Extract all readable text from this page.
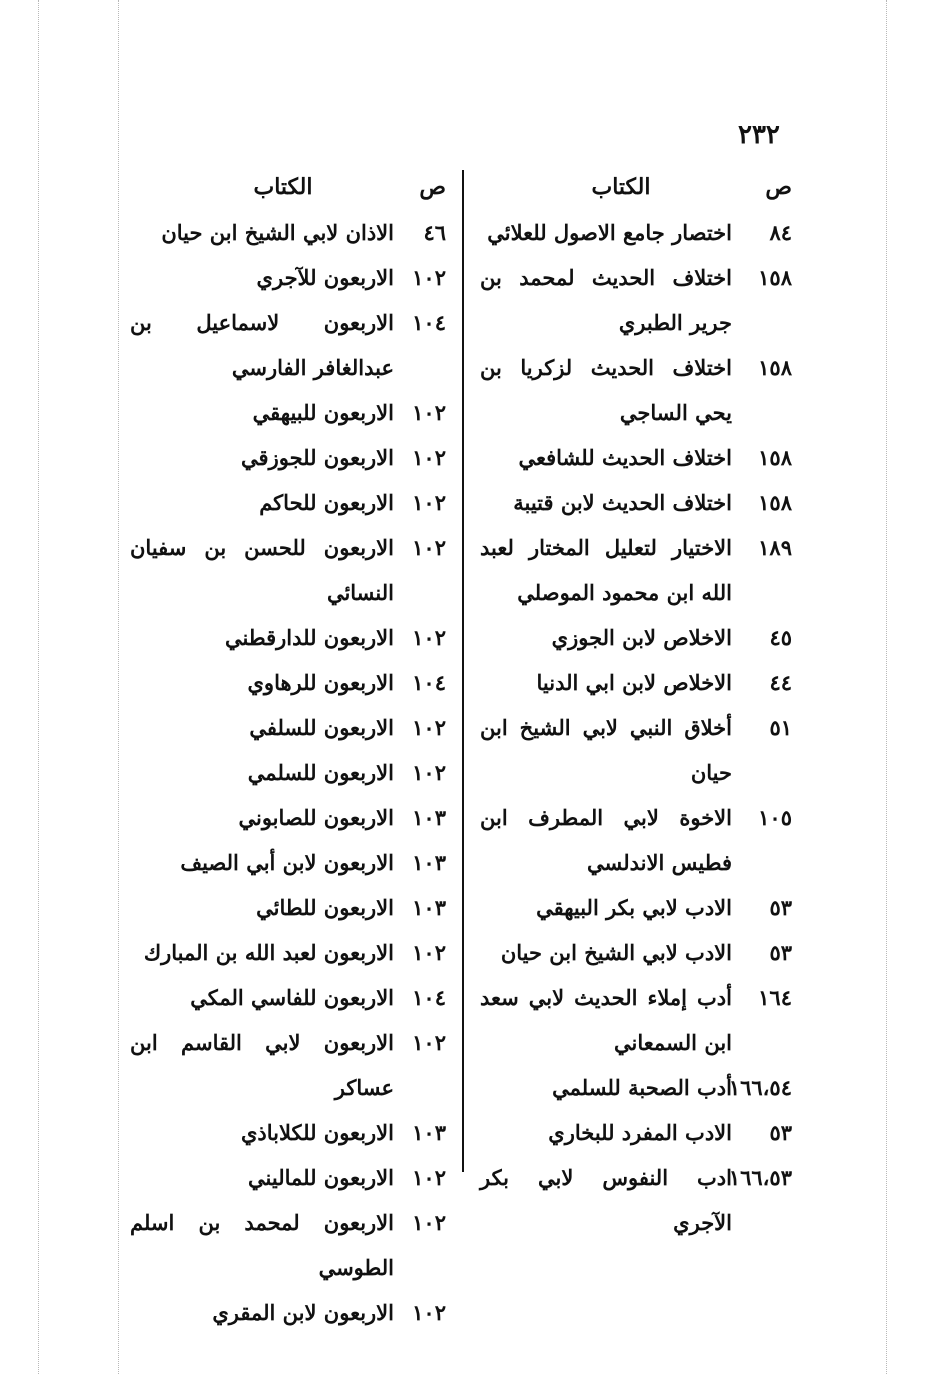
٢٣٢
ص
الكتاب
٨٤
اختصار جامع الاصول للعلائي
١٥٨
اختلاف الحديث لمحمد بن جرير الطبري
١٥٨
اختلاف الحديث لزكريا بن يحي الساجي
١٥٨
اختلاف الحديث للشافعي
١٥٨
اختلاف الحديث لابن قتيبة
١٨٩
الاختيار لتعليل المختار لعبد الله ابن محمود الموصلي
٤٥
الاخلاص لابن الجوزي
٤٤
الاخلاص لابن ابي الدنيا
٥١
أخلاق النبي لابي الشيخ ابن حيان
١٠٥
الاخوة لابي المطرف ابن فطيس الاندلسي
٥٣
الادب لابي بكر البيهقي
٥٣
الادب لابي الشيخ ابن حيان
١٦٤
أدب إملاء الحديث لابي سعد ابن السمعاني
١٦٦،٥٤
أدب الصحبة للسلمي
٥٣
الادب المفرد للبخاري
١٦٦،٥٣
ادب النفوس لابي بكر الآجري
ص
الكتاب
٤٦
الاذان لابي الشيخ ابن حيان
١٠٢
الاربعون للآجري
١٠٤
الاربعون لاسماعيل بن عبدالغافر الفارسي
١٠٢
الاربعون للبيهقي
١٠٢
الاربعون للجوزقي
١٠٢
الاربعون للحاكم
١٠٢
الاربعون للحسن بن سفيان النسائي
١٠٢
الاربعون للدارقطني
١٠٤
الاربعون للرهاوي
١٠٢
الاربعون للسلفي
١٠٢
الاربعون للسلمي
١٠٣
الاربعون للصابوني
١٠٣
الاربعون لابن أبي الصيف
١٠٣
الاربعون للطائي
١٠٢
الاربعون لعبد الله بن المبارك
١٠٤
الاربعون للفاسي المكي
١٠٢
الاربعون لابي القاسم ابن عساكر
١٠٣
الاربعون للكلاباذي
١٠٢
الاربعون للماليني
١٠٢
الاربعون لمحمد بن اسلم الطوسي
١٠٢
الاربعون لابن المقري
